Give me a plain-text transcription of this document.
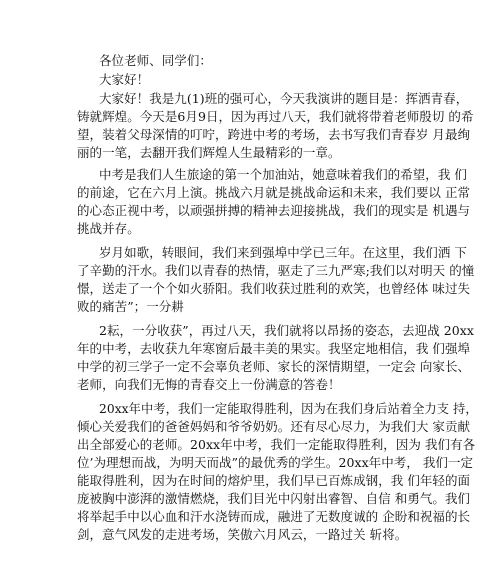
各位老师、同学们：
大家好！
大家好！我是九(1)班的强可心，今天我演讲的题目是：挥洒青春，
铸就辉煌。今天是6月9日，因为再过八天，我们就将带着老师殷切 的希
望，装着父母深情的叮咛，跨进中考的考场，去书写我们青春岁 月最绚
丽的一笔，去翻开我们辉煌人生最精彩的一章。
中考是我们人生旅途的第一个加油站，她意味着我们的希望，我 们
的前途，它在六月上演。挑战六月就是挑战命运和未来，我们要以 正常
的心态正视中考，以顽强拼搏的精神去迎接挑战，我们的现实是 机遇与
挑战并存。
岁月如歌，转眼间，我们来到强埠中学已三年。在这里，我们洒 下
了辛勤的汗水。我们以青春的热情，驱走了三九严寒;我们以对明天 的憧
憬，送走了一个个如火骄阳。我们收获过胜利的欢笑，也曾经体 味过失
败的痛苦”；一分耕
2耘，一分收获”，再过八天，我们就将以昂扬的姿态，去迎战 20xx
年的中考，去收获九年寒窗后最丰美的果实。我坚定地相信，我 们强埠
中学的初三学子一定不会辜负老师、家长的深情期望，一定会 向家长、
老师，向我们无悔的青春交上一份满意的答卷！
20xx年中考，我们一定能取得胜利，因为在我们身后站着全力支 持，
倾心关爱我们的爸爸妈妈和爷爷奶奶。还有尽心尽力，为我们大 家贡献
出全部爱心的老师。20xx年中考，我们一定能取得胜利，因为 我们有各
位’为理想而战，为明天而战”的最优秀的学生。20xx年中考， 我们一定
能取得胜利，因为在时间的熔炉里，我们早已百炼成钢，我 们年轻的面
庞被胸中澎湃的激情燃烧，我们目光中闪射出睿智、自信 和勇气。我们
将举起手中以心血和汗水浇铸而成，融进了无数度诚的 企盼和祝福的长
剑，意气风发的走进考场，笑傲六月风云，一路过关 斩将。
